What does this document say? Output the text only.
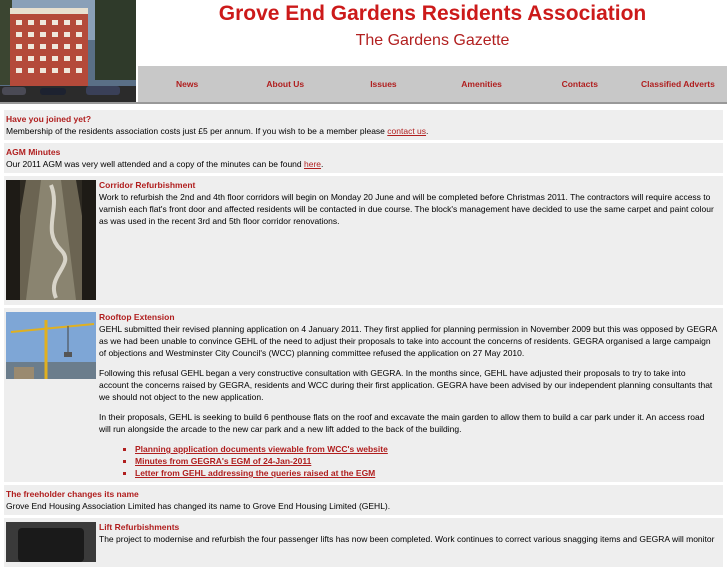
Grove End Gardens Residents Association
The Gardens Gazette
News	About Us	Issues	Amenities	Contacts	Classified Adverts
Have you joined yet?
Membership of the residents association costs just £5 per annum. If you wish to be a member please contact us.
AGM Minutes
Our 2011 AGM was very well attended and a copy of the minutes can be found here.
Corridor Refurbishment
Work to refurbish the 2nd and 4th floor corridors will begin on Monday 20 June and will be completed before Christmas 2011. The contractors will require access to varnish each flat's front door and affected residents will be contacted in due course. The block's management have decided to use the same carpet and paint colour as was used in the recent 3rd and 5th floor corridor renovations.
Rooftop Extension

GEHL submitted their revised planning application on 4 January 2011. They first applied for planning permission in November 2009 but this was opposed by GEGRA as we had been unable to convince GEHL of the need to adjust their proposals to take into account the concerns of residents. GEGRA organised a large campaign of objections and Westminster City Council's (WCC) planning committee refused the application on 27 May 2010.

Following this refusal GEHL began a very constructive consultation with GEGRA. In the months since, GEHL have adjusted their proposals to try to take into account the concerns raised by GEGRA, residents and WCC during their first application. GEGRA have been advised by our independent planning consultants that we should not object to the new application.

In their proposals, GEHL is seeking to build 6 penthouse flats on the roof and excavate the main garden to allow them to build a car park under it. An access road will run alongside the arcade to the new car park and a new lift added to the back of the building.

▪ Planning application documents viewable from WCC's website
▪ Minutes from GEGRA's EGM of 24-Jan-2011
▪ Letter from GEHL addressing the queries raised at the EGM
The freeholder changes its name
Grove End Housing Association Limited has changed its name to Grove End Housing Limited (GEHL).
Lift Refurbishments
The project to modernise and refurbish the four passenger lifts has now been completed. Work continues to correct various snagging items and GEGRA will monitor
